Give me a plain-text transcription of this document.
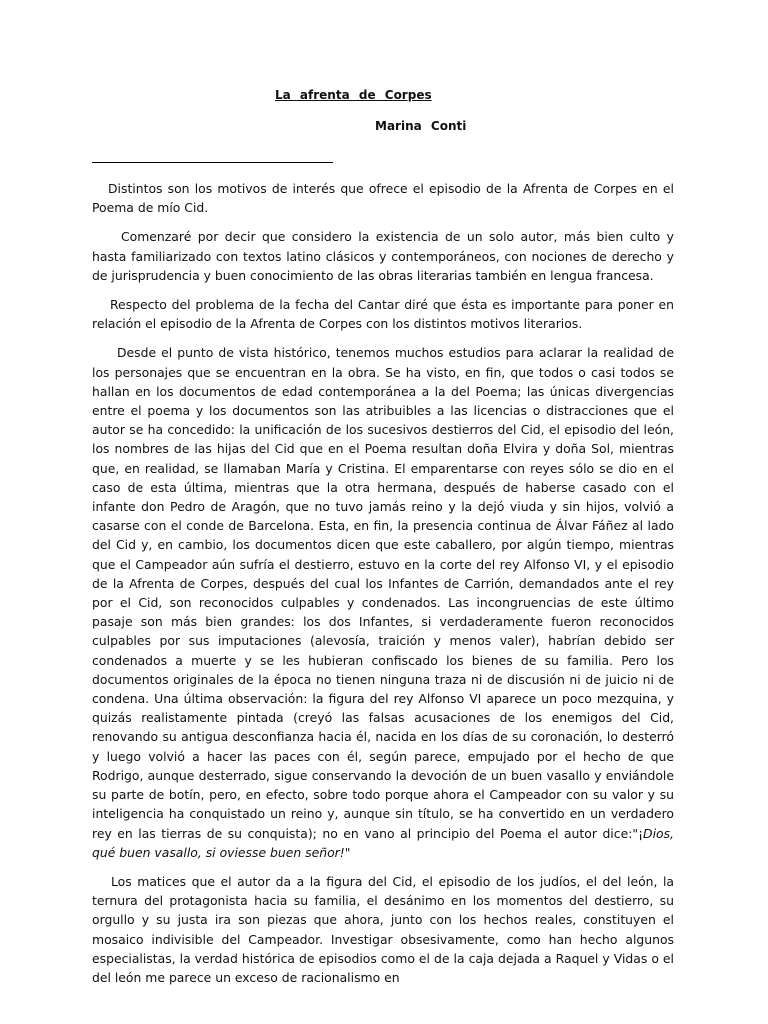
La afrenta de Corpes
Marina Conti

Distintos son los motivos de interés que ofrece el episodio de la Afrenta de Corpes en el Poema de mío Cid.

Comenzaré por decir que considero la existencia de un solo autor, más bien culto y hasta familiarizado con textos latino clásicos y contemporáneos, con nociones de derecho y de jurisprudencia y buen conocimiento de las obras literarias también en lengua francesa.

Respecto del problema de la fecha del Cantar diré que ésta es importante para poner en relación el episodio de la Afrenta de Corpes con los distintos motivos literarios.

Desde el punto de vista histórico, tenemos muchos estudios para aclarar la realidad de los personajes que se encuentran en la obra. Se ha visto, en fin, que todos o casi todos se hallan en los documentos de edad contemporánea a la del Poema; las únicas divergencias entre el poema y los documentos son las atribuibles a las licencias o distracciones que el autor se ha concedido: la unificación de los sucesivos destierros del Cid, el episodio del león, los nombres de las hijas del Cid que en el Poema resultan doña Elvira y doña Sol, mientras que, en realidad, se llamaban María y Cristina. El emparentarse con reyes sólo se dio en el caso de esta última, mientras que la otra hermana, después de haberse casado con el infante don Pedro de Aragón, que no tuvo jamás reino y la dejó viuda y sin hijos, volvió a casarse con el conde de Barcelona. Esta, en fin, la presencia continua de Álvar Fáñez al lado del Cid y, en cambio, los documentos dicen que este caballero, por algún tiempo, mientras que el Campeador aún sufría el destierro, estuvo en la corte del rey Alfonso VI, y el episodio de la Afrenta de Corpes, después del cual los Infantes de Carrión, demandados ante el rey por el Cid, son reconocidos culpables y condenados. Las incongruencias de este último pasaje son más bien grandes: los dos Infantes, si verdaderamente fueron reconocidos culpables por sus imputaciones (alevosía, traición y menos valer), habrían debido ser condenados a muerte y se les hubieran confiscado los bienes de su familia. Pero los documentos originales de la época no tienen ninguna traza ni de discusión ni de juicio ni de condena. Una última observación: la figura del rey Alfonso VI aparece un poco mezquina, y quizás realistamente pintada (creyó las falsas acusaciones de los enemigos del Cid, renovando su antigua desconfianza hacia él, nacida en los días de su coronación, lo desterró y luego volvió a hacer las paces con él, según parece, empujado por el hecho de que Rodrigo, aunque desterrado, sigue conservando la devoción de un buen vasallo y enviándole su parte de botín, pero, en efecto, sobre todo porque ahora el Campeador con su valor y su inteligencia ha conquistado un reino y, aunque sin título, se ha convertido en un verdadero rey en las tierras de su conquista); no en vano al principio del Poema el autor dice:"¡Dios, qué buen vasallo, si oviesse buen señor!"

Los matices que el autor da a la figura del Cid, el episodio de los judíos, el del león, la ternura del protagonista hacia su familia, el desánimo en los momentos del destierro, su orgullo y su justa ira son piezas que ahora, junto con los hechos reales, constituyen el mosaico indivisible del Campeador. Investigar obsesivamente, como han hecho algunos especialistas, la verdad histórica de episodios como el de la caja dejada a Raquel y Vidas o el del león me parece un exceso de racionalismo en
